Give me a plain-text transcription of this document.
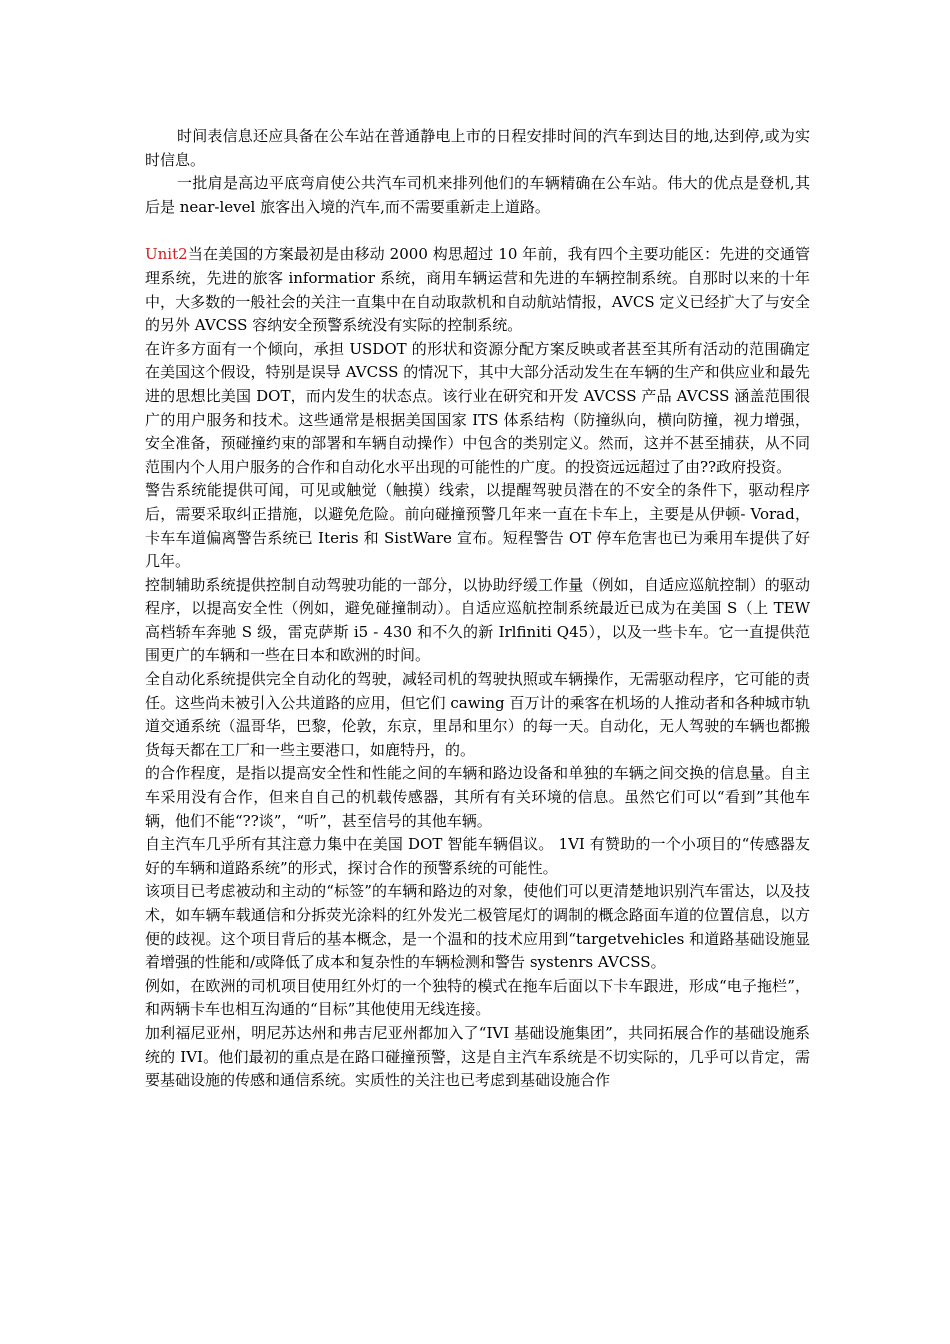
时间表信息还应具备在公车站在普通静电上市的日程安排时间的汽车到达目的地,达到停,或为实时信息。

一批肩是高边平底弯肩使公共汽车司机来排列他们的车辆精确在公车站。伟大的优点是登机,其后是 near-level 旅客出入境的汽车,而不需要重新走上道路。

Unit2当在美国的方案最初是由移动 2000 构思超过 10 年前，我有四个主要功能区：先进的交通管理系统，先进的旅客 informatior 系统，商用车辆运营和先进的车辆控制系统。自那时以来的十年中，大多数的一般社会的关注一直集中在自动取款机和自动航站情报，AVCS 定义已经扩大了与安全的另外 AVCSS 容纳安全预警系统没有实际的控制系统。

在许多方面有一个倾向，承担 USDOT 的形状和资源分配方案反映或者甚至其所有活动的范围确定在美国这个假设，特别是误导 AVCSS 的情况下，其中大部分活动发生在车辆的生产和供应业和最先进的思想比美国 DOT，而内发生的状态点。该行业在研究和开发 AVCSS 产品 AVCSS 涵盖范围很广的用户服务和技术。这些通常是根据美国国家 ITS 体系结构（防撞纵向，横向防撞，视力增强，安全准备，预碰撞约束的部署和车辆自动操作）中包含的类别定义。然而，这并不甚至捕获，从不同范围内个人用户服务的合作和自动化水平出现的可能性的广度。的投资远远超过了由??政府投资。

警告系统能提供可闻，可见或触觉（触摸）线索，以提醒驾驶员潜在的不安全的条件下，驱动程序后，需要采取纠正措施，以避免危险。前向碰撞预警几年来一直在卡车上，主要是从伊顿- Vorad，卡车车道偏离警告系统已 Iteris 和 SistWare 宣布。短程警告 OT 停车危害也已为乘用车提供了好几年。

控制辅助系统提供控制自动驾驶功能的一部分，以协助纾缓工作量（例如，自适应巡航控制）的驱动程序，以提高安全性（例如，避免碰撞制动）。自适应巡航控制系统最近已成为在美国 S（上 TEW 高档轿车奔驰 S 级，雷克萨斯 i5 - 430 和不久的新 Irlfiniti Q45），以及一些卡车。它一直提供范围更广的车辆和一些在日本和欧洲的时间。

全自动化系统提供完全自动化的驾驶，减轻司机的驾驶执照或车辆操作，无需驱动程序，它可能的责任。这些尚未被引入公共道路的应用，但它们 cawing 百万计的乘客在机场的人推动者和各种城市轨道交通系统（温哥华，巴黎，伦敦，东京，里昂和里尔）的每一天。自动化，无人驾驶的车辆也都搬货每天都在工厂和一些主要港口，如鹿特丹，的。

的合作程度，是指以提高安全性和性能之间的车辆和路边设备和单独的车辆之间交换的信息量。自主车采用没有合作，但来自自己的机载传感器，其所有有关环境的信息。虽然它们可以“看到”其他车辆，他们不能“??谈”，“听”，甚至信号的其他车辆。

自主汽车几乎所有其注意力集中在美国 DOT 智能车辆倡议。 1VI 有赞助的一个小项目的“传感器友好的车辆和道路系统”的形式，探讨合作的预警系统的可能性。

该项目已考虑被动和主动的“标签”的车辆和路边的对象，使他们可以更清楚地识别汽车雷达，以及技术，如车辆车载通信和分拆荧光涂料的红外发光二极管尾灯的调制的概念路面车道的位置信息，以方便的歧视。这个项目背后的基本概念，是一个温和的技术应用到“targetvehicles 和道路基础设施显着增强的性能和/或降低了成本和复杂性的车辆检测和警告 systenrs AVCSS。

例如，在欧洲的司机项目使用红外灯的一个独特的模式在拖车后面以下卡车跟进，形成“电子拖栏”，和两辆卡车也相互沟通的“目标”其他使用无线连接。

加利福尼亚州，明尼苏达州和弗吉尼亚州都加入了“IVI 基础设施集团”，共同拓展合作的基础设施系统的 IVI。他们最初的重点是在路口碰撞预警，这是自主汽车系统是不切实际的，几乎可以肯定，需要基础设施的传感和通信系统。实质性的关注也已考虑到基础设施合作
